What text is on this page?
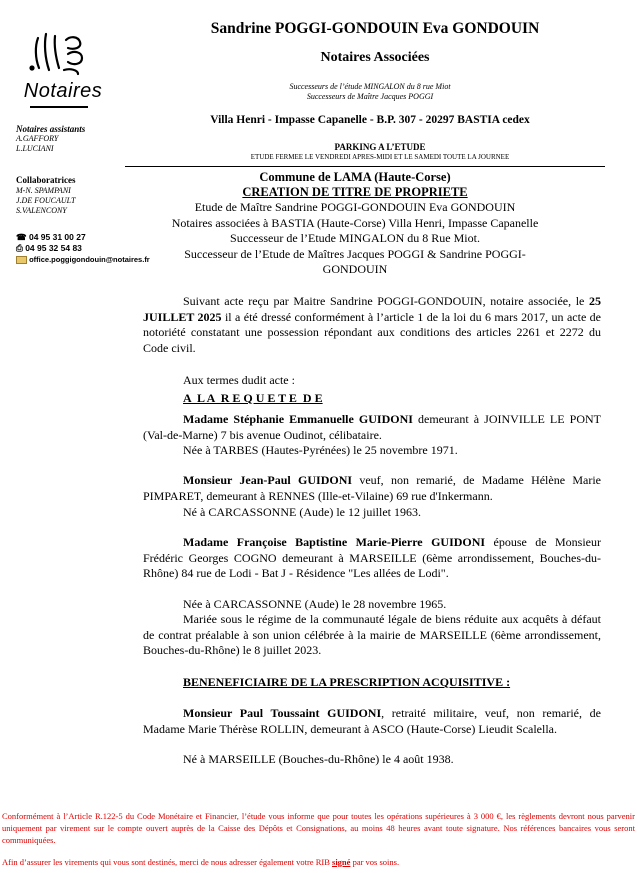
Notaires
Sandrine POGGI-GONDOUIN Eva GONDOUIN
Notaires Associées
Successeurs de l’étude MINGALON du 8 rue Miot
Successeurs de Maître Jacques POGGI
Villa Henri - Impasse Capanelle - B.P. 307 - 20297 BASTIA cedex
PARKING A L’ETUDE
ETUDE FERMEE LE VENDREDI APRES-MIDI ET LE SAMEDI TOUTE LA JOURNEE
Notaires assistants
A.GAFFORY
L.LUCIANI
Collaboratrices
M-N. SPAMPANI
J.DE FOUCAULT
S.VALENCONY
☎ 04 95 31 00 27
⎙ 04 95 32 54 83
office.poggigondouin@notaires.fr
Commune de LAMA (Haute-Corse)
CREATION DE TITRE DE PROPRIETE
Etude de Maître Sandrine POGGI-GONDOUIN Eva GONDOUIN
Notaires associées à BASTIA (Haute-Corse) Villa Henri, Impasse Capanelle
Successeur de l’Etude MINGALON du 8 Rue Miot.
Successeur de l’Etude de Maîtres Jacques POGGI & Sandrine POGGI-
GONDOUIN
Suivant acte reçu par Maitre Sandrine POGGI-GONDOUIN, notaire associée, le 25 JUILLET 2025 il a été dressé conformément à l’article 1 de la loi du 6 mars 2017, un acte de notoriété constatant une possession répondant aux conditions des articles 2261 et 2272 du Code civil.
Aux termes dudit acte :
A  L A  R E Q U E T E  D E
Madame Stéphanie Emmanuelle GUIDONI demeurant à JOINVILLE LE PONT (Val-de-Marne) 7 bis avenue Oudinot, célibataire.
Née à TARBES (Hautes-Pyrénées) le 25 novembre 1971.
Monsieur Jean-Paul GUIDONI veuf, non remarié, de Madame Hélène Marie PIMPARET, demeurant à RENNES (Ille-et-Vilaine) 69 rue d'Inkermann.
Né à CARCASSONNE (Aude) le 12 juillet 1963.
Madame Françoise Baptistine Marie-Pierre GUIDONI épouse de Monsieur Frédéric Georges COGNO demeurant à MARSEILLE (6ème arrondissement, Bouches-du-Rhône) 84 rue de Lodi - Bat J - Résidence "Les allées de Lodi".
Née à CARCASSONNE (Aude) le 28 novembre 1965.
Mariée sous le régime de la communauté légale de biens réduite aux acquêts à défaut de contrat préalable à son union célébrée à la mairie de MARSEILLE (6ème arrondissement, Bouches-du-Rhône) le 8 juillet 2023.
BENENEFICIAIRE DE LA PRESCRIPTION ACQUISITIVE :
Monsieur Paul Toussaint GUIDONI, retraité militaire, veuf, non remarié, de Madame Marie Thérèse ROLLIN, demeurant à ASCO (Haute-Corse) Lieudit Scalella.
Né à MARSEILLE (Bouches-du-Rhône) le 4 août 1938.
Conformément à l’Article R.122-5 du Code Monétaire et Financier, l’étude vous informe que pour toutes les opérations supérieures à 3 000 €, les règlements devront nous parvenir uniquement par virement sur le compte ouvert auprès de la Caisse des Dépôts et Consignations, au moins 48 heures avant toute signature. Nos références bancaires vous seront communiquées.
Afin d’assurer les virements qui vous sont destinés, merci de nous adresser également votre RIB signé par vos soins.
